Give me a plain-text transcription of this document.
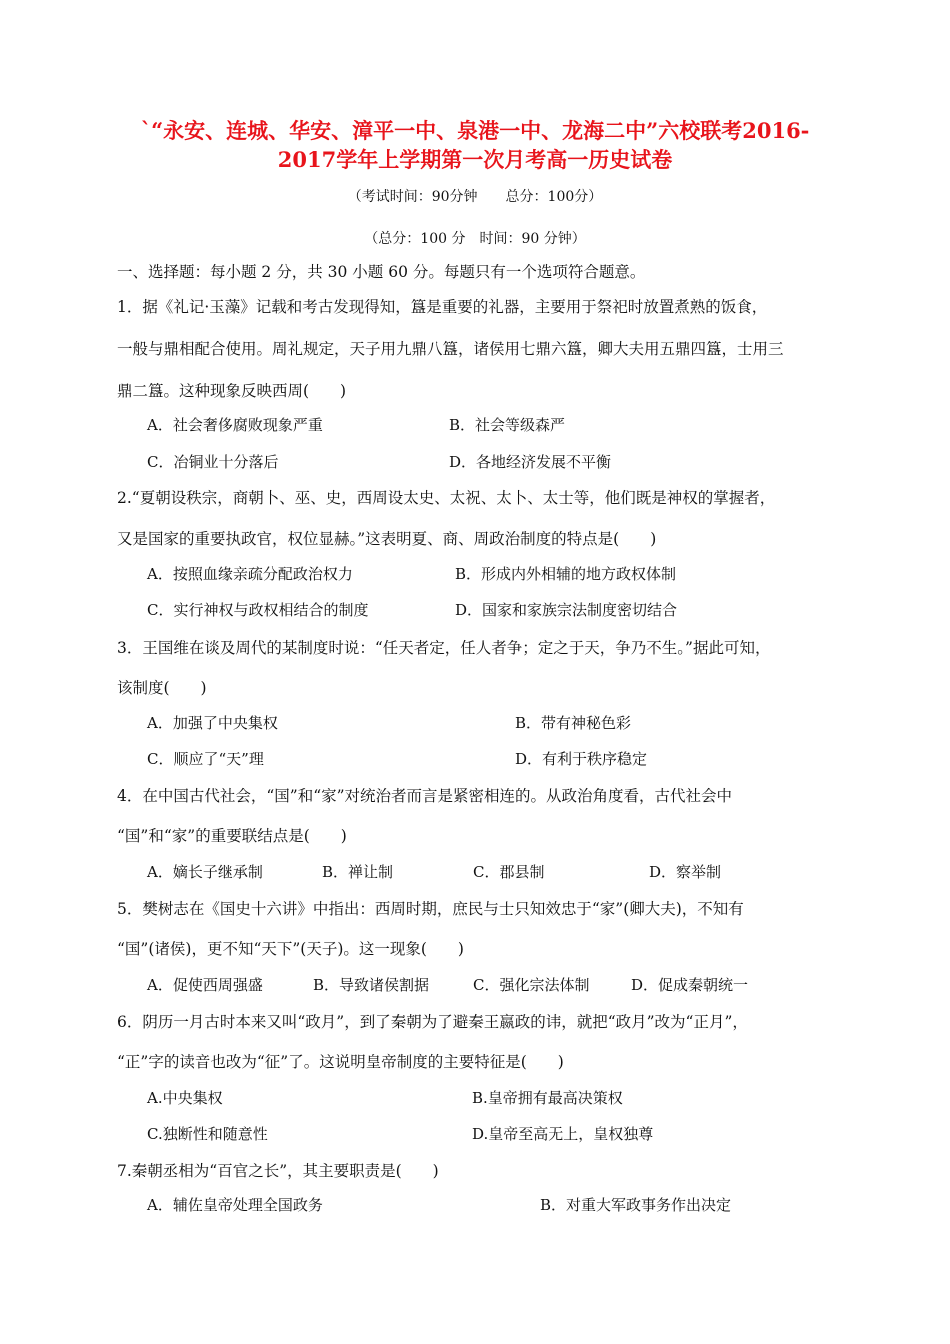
`“永安、连城、华安、漳平一中、泉港一中、龙海二中”六校联考2016-
2017学年上学期第一次月考高一历史试卷
（考试时间：90分钟　　总分：100分）
（总分：100 分　时间：90 分钟）
一、选择题：每小题 2 分，共 30 小题 60 分。每题只有一个选项符合题意。
1．据《礼记·玉藻》记载和考古发现得知，簋是重要的礼器，主要用于祭祀时放置煮熟的饭食，
一般与鼎相配合使用。周礼规定，天子用九鼎八簋，诸侯用七鼎六簋，卿大夫用五鼎四簋，士用三
鼎二簋。这种现象反映西周(　　)
A．社会奢侈腐败现象严重	B．社会等级森严
C．冶铜业十分落后	D．各地经济发展不平衡
2.“夏朝设秩宗，商朝卜、巫、史，西周设太史、太祝、太卜、太士等，他们既是神权的掌握者，
又是国家的重要执政官，权位显赫。”这表明夏、商、周政治制度的特点是(　　)
A．按照血缘亲疏分配政治权力	B．形成内外相辅的地方政权体制
C．实行神权与政权相结合的制度	D．国家和家族宗法制度密切结合
3．王国维在谈及周代的某制度时说：“任天者定，任人者争；定之于天，争乃不生。”据此可知，
该制度(　　)
A．加强了中央集权	B．带有神秘色彩
C．顺应了“天”理	D．有利于秩序稳定
4．在中国古代社会，“国”和“家”对统治者而言是紧密相连的。从政治角度看，古代社会中
“国”和“家”的重要联结点是(　　)
A．嫡长子继承制	B．禅让制	C．郡县制	D．察举制
5．樊树志在《国史十六讲》中指出：西周时期，庶民与士只知效忠于“家”(卿大夫)，不知有
“国”(诸侯)，更不知“天下”(天子)。这一现象(　　)
A．促使西周强盛	B．导致诸侯割据	C．强化宗法体制	D．促成秦朝统一
6．阴历一月古时本来又叫“政月”，到了秦朝为了避秦王嬴政的讳，就把“政月”改为“正月”，
“正”字的读音也改为“征”了。这说明皇帝制度的主要特征是(　　)
A.中央集权	B.皇帝拥有最高决策权
C.独断性和随意性	D.皇帝至高无上，皇权独尊
7.秦朝丞相为“百官之长”，其主要职责是(　　)
A．辅佐皇帝处理全国政务	B．对重大军政事务作出决定
